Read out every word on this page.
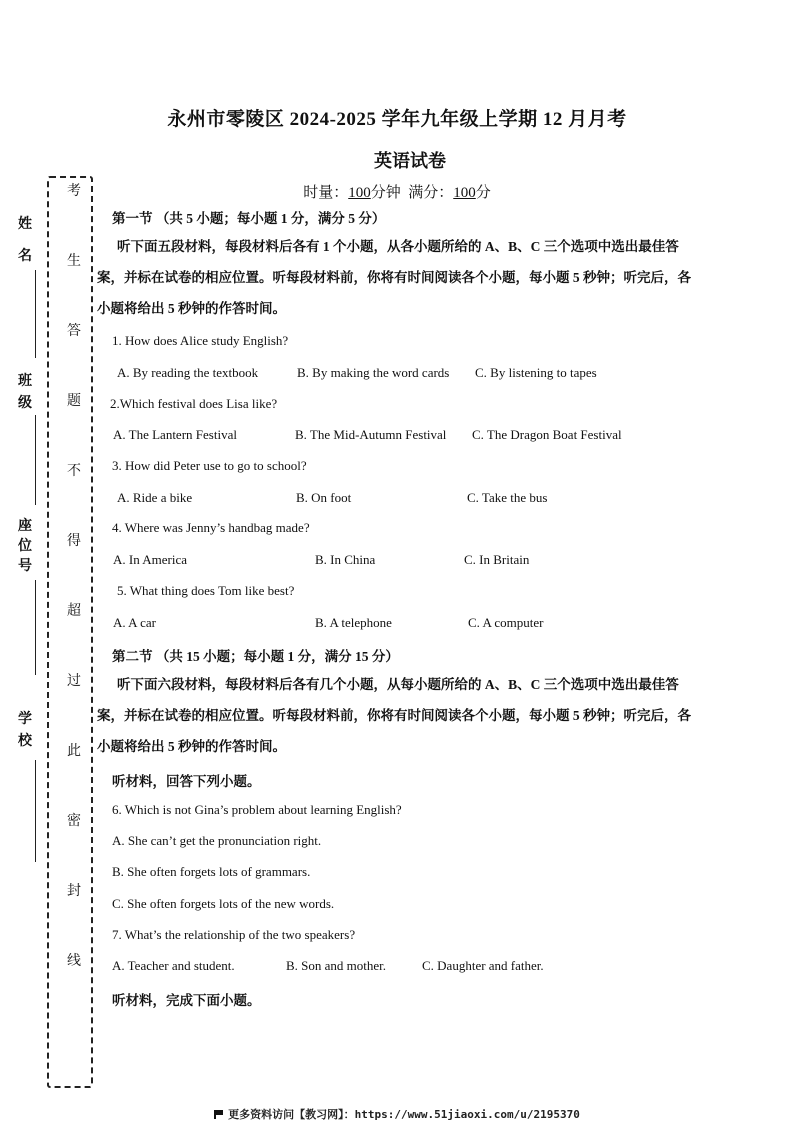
永州市零陵区 2024-2025 学年九年级上学期 12 月月考
英语试卷
时量：100分钟 满分：100分
姓
名
班
级
座
位
号
学
校
考
生
答
题
不
得
超
过
此
密
封
线
第一节 （共 5 小题；每小题 1 分，满分 5 分）
听下面五段材料，每段材料后各有 1 个小题，从各小题所给的 A、B、C 三个选项中选出最佳答案，并标在试卷的相应位置。听每段材料前，你将有时间阅读各个小题，每小题 5 秒钟；听完后，各小题将给出 5 秒钟的作答时间。
1. How does Alice study English?
A. By reading the textbook	B. By making the word cards C. By listening to tapes
2.Which festival does Lisa like?
A. The Lantern Festival	B. The Mid-Autumn Festival C. The Dragon Boat Festival
3. How did Peter use to go to school?
A. Ride a bike	B. On foot	C. Take the bus
4. Where was Jenny’s handbag made?
A. In America	B. In China	C. In Britain
5. What thing does Tom like best?
A. A car	B. A telephone	C. A computer
第二节 （共 15 小题；每小题 1 分，满分 15 分）
听下面六段材料，每段材料后各有几个小题，从每小题所给的 A、B、C 三个选项中选出最佳答案，并标在试卷的相应位置。听每段材料前，你将有时间阅读各个小题，每小题 5 秒钟；听完后，各小题将给出 5 秒钟的作答时间。
听材料，回答下列小题。
6. Which is not Gina’s problem about learning English?
A. She can’t get the pronunciation right.
B. She often forgets lots of grammars.
C. She often forgets lots of the new words.
7. What’s the relationship of the two speakers?
A. Teacher and student.	B. Son and mother.	C. Daughter and father.
听材料，完成下面小题。
更多资料访问【教习网】：https://www.51jiaoxi.com/u/2195370
